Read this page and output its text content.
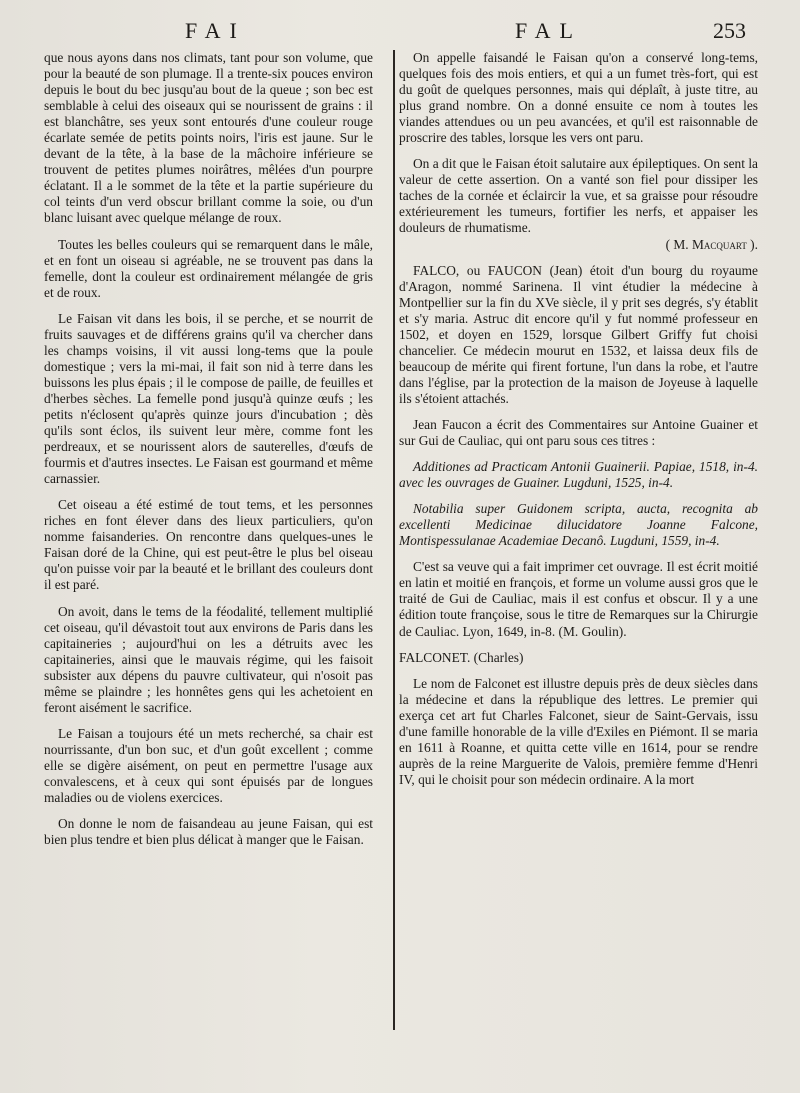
FAI	FAL	253

que nous ayons dans nos climats, tant pour son volume, que pour la beauté de son plumage. Il a trente-six pouces environ depuis le bout du bec jusqu'au bout de la queue ; son bec est semblable à celui des oiseaux qui se nourissent de grains : il est blanchâtre, ses yeux sont entourés d'une couleur rouge écarlate semée de petits points noirs, l'iris est jaune. Sur le devant de la tête, à la base de la mâchoire inférieure se trouvent de petites plumes noirâtres, mêlées d'un pourpre éclatant. Il a le sommet de la tête et la partie supérieure du col teints d'un verd obscur brillant comme la soie, ou d'un blanc luisant avec quelque mélange de roux.

Toutes les belles couleurs qui se remarquent dans le mâle, et en font un oiseau si agréable, ne se trouvent pas dans la femelle, dont la couleur est ordinairement mélangée de gris et de roux.

Le Faisan vit dans les bois, il se perche, et se nourrit de fruits sauvages et de différens grains qu'il va chercher dans les champs voisins, il vit aussi long-tems que la poule domestique ; vers la mi-mai, il fait son nid à terre dans les buissons les plus épais ; il le compose de paille, de feuilles et d'herbes sèches. La femelle pond jusqu'à quinze œufs ; les petits n'éclosent qu'après quinze jours d'incubation ; dès qu'ils sont éclos, ils suivent leur mère, comme font les perdreaux, et se nourissent alors de sauterelles, d'œufs de fourmis et d'autres insectes. Le Faisan est gourmand et même carnassier.

Cet oiseau a été estimé de tout tems, et les personnes riches en font élever dans des lieux particuliers, qu'on nomme faisanderies. On rencontre dans quelques-unes le Faisan doré de la Chine, qui est peut-être le plus bel oiseau qu'on puisse voir par la beauté et le brillant des couleurs dont il est paré.

On avoit, dans le tems de la féodalité, tellement multiplié cet oiseau, qu'il dévastoit tout aux environs de Paris dans les capitaineries ; aujourd'hui on les a détruits avec les capitaineries, ainsi que le mauvais régime, qui les faisoit subsister aux dépens du pauvre cultivateur, qui n'osoit pas même se plaindre ; les honnêtes gens qui les achetoient en feront aisément le sacrifice.

Le Faisan a toujours été un mets recherché, sa chair est nourrissante, d'un bon suc, et d'un goût excellent ; comme elle se digère aisément, on peut en permettre l'usage aux convalescens, et à ceux qui sont épuisés par de longues maladies ou de violens exercices.

On donne le nom de faisandeau au jeune Faisan, qui est bien plus tendre et bien plus délicat à manger que le Faisan.

On appelle faisandé le Faisan qu'on a conservé long-tems, quelques fois des mois entiers, et qui a un fumet très-fort, qui est du goût de quelques personnes, mais qui déplaît, à juste titre, au plus grand nombre. On a donné ensuite ce nom à toutes les viandes attendues ou un peu avancées, et qu'il est raisonnable de proscrire des tables, lorsque les vers ont paru.

On a dit que le Faisan étoit salutaire aux épileptiques. On sent la valeur de cette assertion. On a vanté son fiel pour dissiper les taches de la cornée et éclaircir la vue, et sa graisse pour résoudre extérieurement les tumeurs, fortifier les nerfs, et appaiser les douleurs de rhumatisme.

( M. Macquart ).

FALCO, ou FAUCON (Jean) étoit d'un bourg du royaume d'Aragon, nommé Sarinena. Il vint étudier la médecine à Montpellier sur la fin du XVe siècle, il y prit ses degrés, s'y établit et s'y maria. Astruc dit encore qu'il y fut nommé professeur en 1502, et doyen en 1529, lorsque Gilbert Griffy fut choisi chancelier. Ce médecin mourut en 1532, et laissa deux fils de beaucoup de mérite qui firent fortune, l'un dans la robe, et l'autre dans l'église, par la protection de la maison de Joyeuse à laquelle ils s'étoient attachés.

Jean Faucon a écrit des Commentaires sur Antoine Guainer et sur Gui de Cauliac, qui ont paru sous ces titres :

Additiones ad Practicam Antonii Guainerii. Papiae, 1518, in-4. avec les ouvrages de Guainer. Lugduni, 1525, in-4.

Notabilia super Guidonem scripta, aucta, recognita ab excellenti Medicinae dilucidatore Joanne Falcone, Montispessulanae Academiae Decanô. Lugduni, 1559, in-4.

C'est sa veuve qui a fait imprimer cet ouvrage. Il est écrit moitié en latin et moitié en françois, et forme un volume aussi gros que le traité de Gui de Cauliac, mais il est confus et obscur. Il y a une édition toute françoise, sous le titre de Remarques sur la Chirurgie de Cauliac. Lyon, 1649, in-8. (M. Goulin).

FALCONET. (Charles)

Le nom de Falconet est illustre depuis près de deux siècles dans la médecine et dans la république des lettres. Le premier qui exerça cet art fut Charles Falconet, sieur de Saint-Gervais, issu d'une famille honorable de la ville d'Exiles en Piémont. Il se maria en 1611 à Roanne, et quitta cette ville en 1614, pour se rendre auprès de la reine Marguerite de Valois, première femme d'Henri IV, qui le choisit pour son médecin ordinaire. A la mort
